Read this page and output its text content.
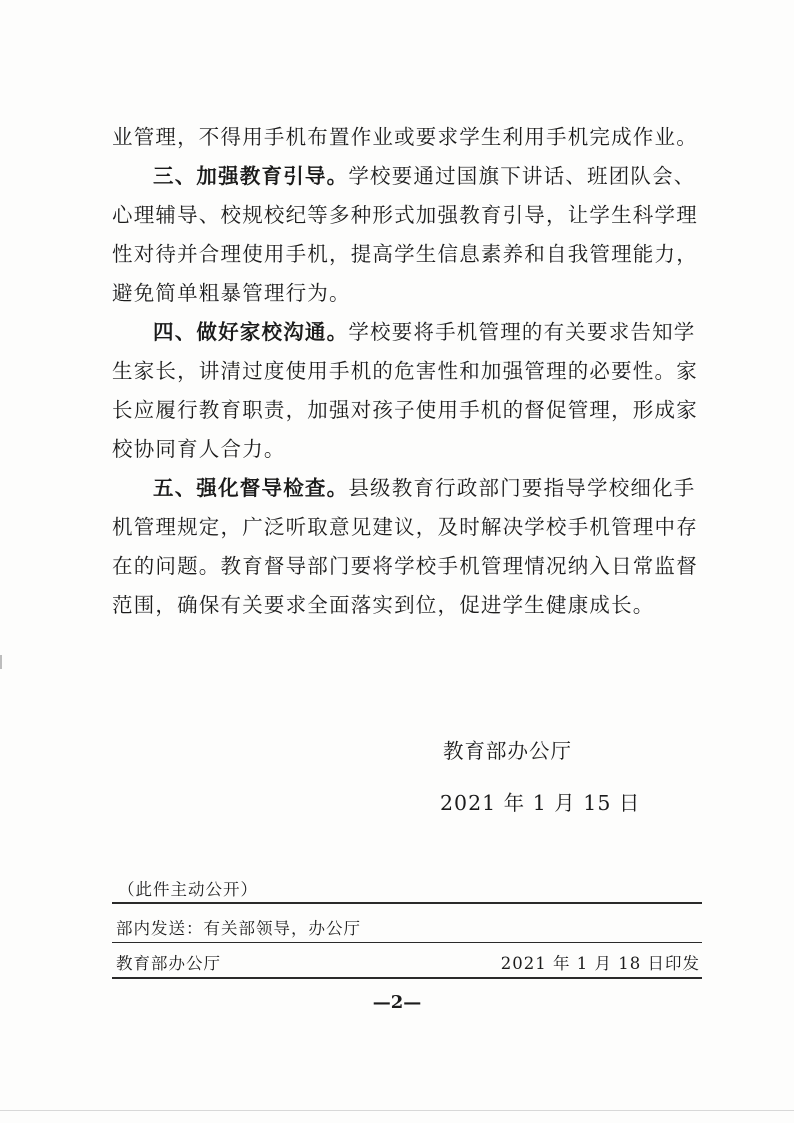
业管理，不得用手机布置作业或要求学生利用手机完成作业。

三、加强教育引导。学校要通过国旗下讲话、班团队会、心理辅导、校规校纪等多种形式加强教育引导，让学生科学理性对待并合理使用手机，提高学生信息素养和自我管理能力，避免简单粗暴管理行为。

四、做好家校沟通。学校要将手机管理的有关要求告知学生家长，讲清过度使用手机的危害性和加强管理的必要性。家长应履行教育职责，加强对孩子使用手机的督促管理，形成家校协同育人合力。

五、强化督导检查。县级教育行政部门要指导学校细化手机管理规定，广泛听取意见建议，及时解决学校手机管理中存在的问题。教育督导部门要将学校手机管理情况纳入日常监督范围，确保有关要求全面落实到位，促进学生健康成长。

教育部办公厅
2021 年 1 月 15 日
（此件主动公开）
部内发送：有关部领导，办公厅
教育部办公厅	2021 年 1 月 18 日印发
—2—
